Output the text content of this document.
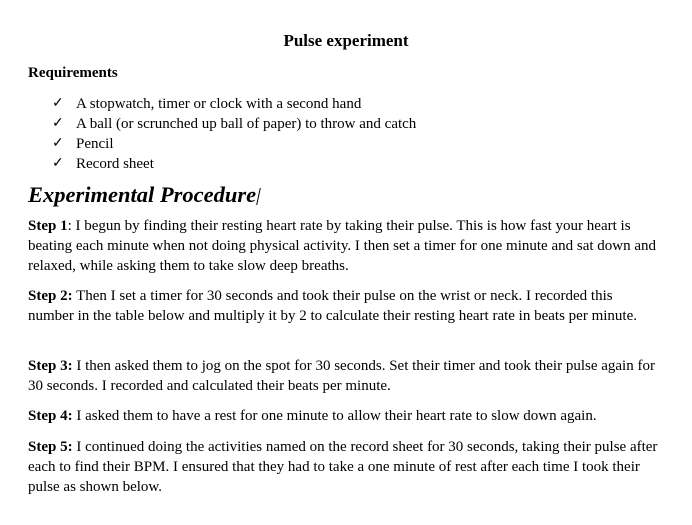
Pulse experiment
Requirements
✓ A stopwatch, timer or clock with a second hand
✓ A ball (or scrunched up ball of paper) to throw and catch
✓ Pencil
✓ Record sheet
Experimental Procedure

Step 1: I begun by finding their resting heart rate by taking their pulse. This is how fast your heart is beating each minute when not doing physical activity. I then set a timer for one minute and sat down and relaxed, while asking them to take slow deep breaths.

Step 2: Then I set a timer for 30 seconds and took their pulse on the wrist or neck. I recorded this number in the table below and multiply it by 2 to calculate their resting heart rate in beats per minute.

Step 3: I then asked them to jog on the spot for 30 seconds. Set their timer and took their pulse again for 30 seconds. I recorded and calculated their beats per minute.

Step 4: I asked them to have a rest for one minute to allow their heart rate to slow down again.

Step 5: I continued doing the activities named on the record sheet for 30 seconds, taking their pulse after each to find their BPM. I ensured that they had to take a one minute of rest after each time I took their pulse as shown below.
